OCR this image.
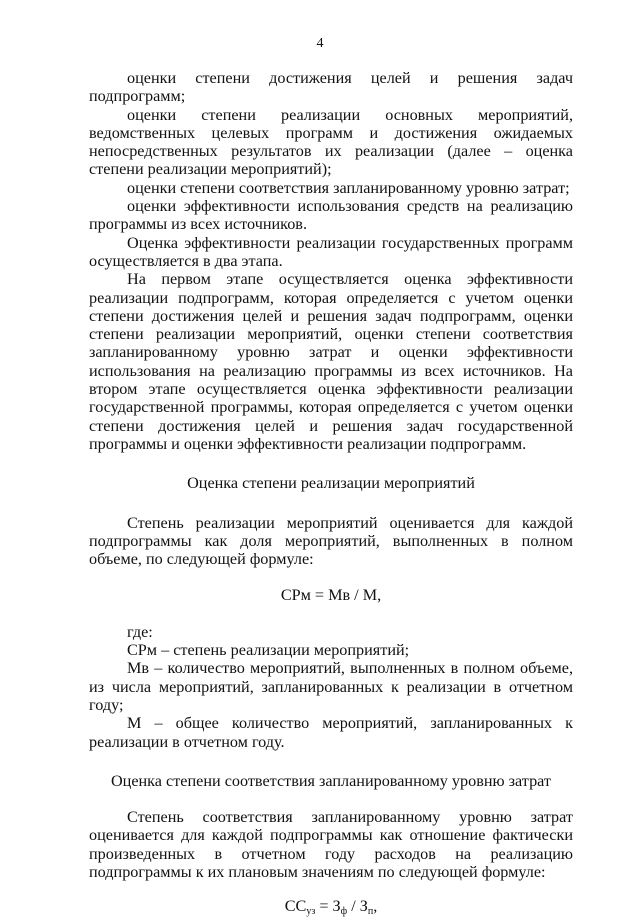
4

оценки степени достижения целей и решения задач подпрограмм;

оценки степени реализации основных мероприятий, ведомственных целевых программ и достижения ожидаемых непосредственных результатов их реализации (далее – оценка степени реализации мероприятий);

оценки степени соответствия запланированному уровню затрат;

оценки эффективности использования средств на реализацию программы из всех источников.

Оценка эффективности реализации государственных программ осуществляется в два этапа.

На первом этапе осуществляется оценка эффективности реализации подпрограмм, которая определяется с учетом оценки степени достижения целей и решения задач подпрограмм, оценки степени реализации мероприятий, оценки степени соответствия запланированному уровню затрат и оценки эффективности использования на реализацию программы из всех источников. На втором этапе осуществляется оценка эффективности реализации государственной программы, которая определяется с учетом оценки степени достижения целей и решения задач государственной программы и оценки эффективности реализации подпрограмм.

Оценка степени реализации мероприятий

Степень реализации мероприятий оценивается для каждой подпрограммы как доля мероприятий, выполненных в полном объеме, по следующей формуле:

СРм = Мв / М,

где:

СРм – степень реализации мероприятий;

Мв – количество мероприятий, выполненных в полном объеме, из числа мероприятий, запланированных к реализации в отчетном году;

М – общее количество мероприятий, запланированных к реализации в отчетном году.

Оценка степени соответствия запланированному уровню затрат

Степень соответствия запланированному уровню затрат оценивается для каждой подпрограммы как отношение фактически произведенных в отчетном году расходов на реализацию подпрограммы к их плановым значениям по следующей формуле:

$СС_{уз} = З_ф / З_п$,
